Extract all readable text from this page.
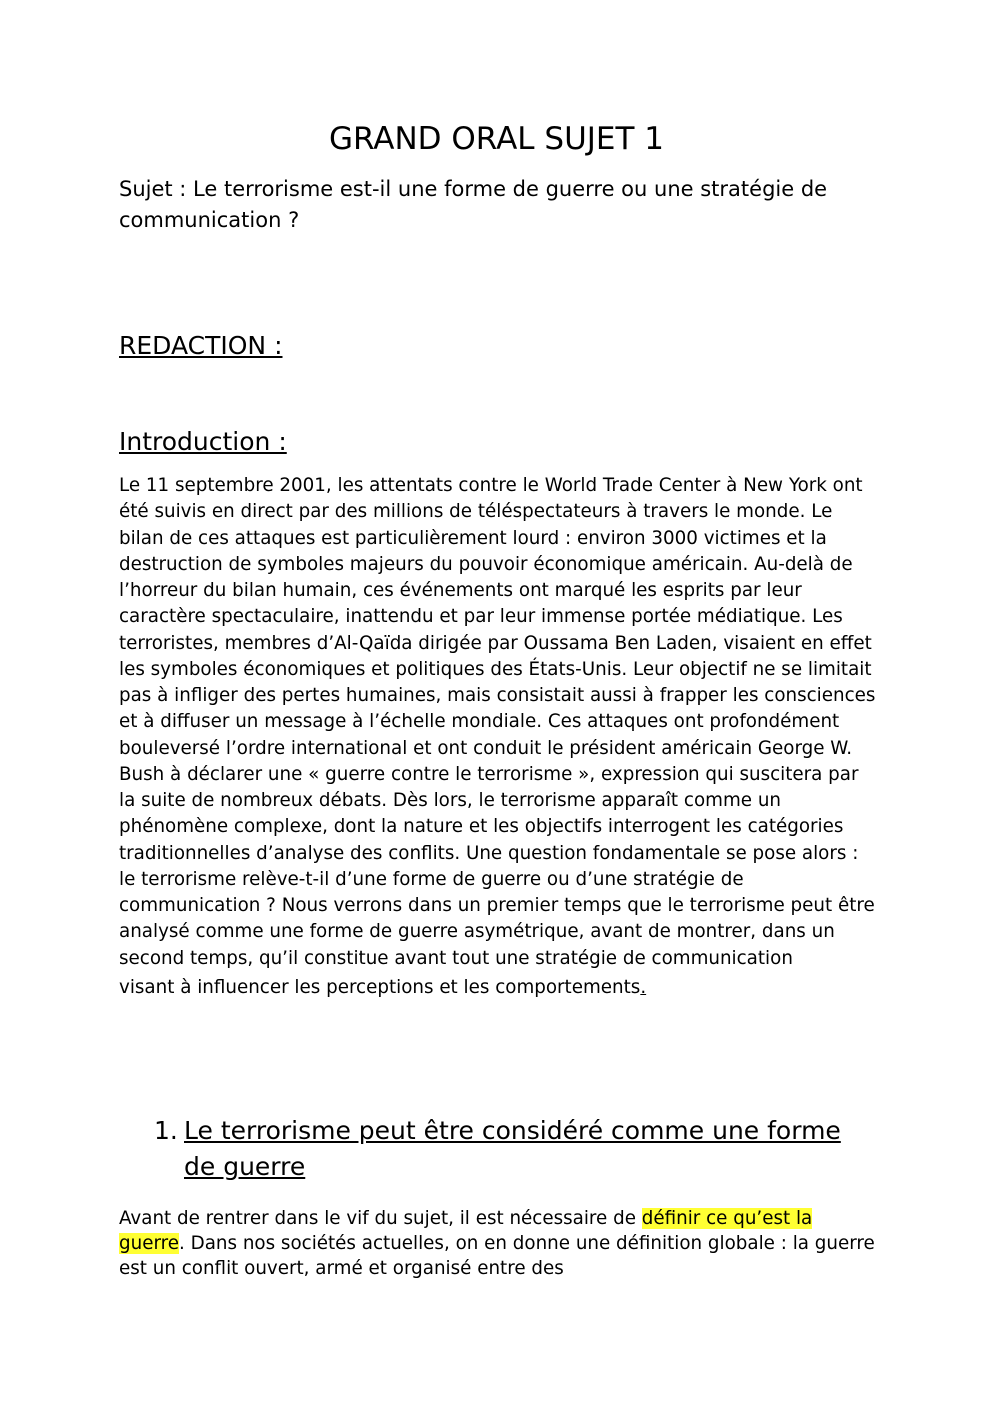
GRAND ORAL SUJET 1
Sujet : Le terrorisme est-il une forme de guerre ou une stratégie de communication ?
REDACTION :
Introduction :
Le 11 septembre 2001, les attentats contre le World Trade Center à New York ont été suivis en direct par des millions de téléspectateurs à travers le monde. Le bilan de ces attaques est particulièrement lourd : environ 3000 victimes et la destruction de symboles majeurs du pouvoir économique américain. Au-delà de l’horreur du bilan humain, ces événements ont marqué les esprits par leur caractère spectaculaire, inattendu et par leur immense portée médiatique. Les terroristes, membres d’Al-Qaïda dirigée par Oussama Ben Laden, visaient en effet les symboles économiques et politiques des États-Unis. Leur objectif ne se limitait pas à infliger des pertes humaines, mais consistait aussi à frapper les consciences et à diffuser un message à l’échelle mondiale. Ces attaques ont profondément bouleversé l’ordre international et ont conduit le président américain George W. Bush à déclarer une « guerre contre le terrorisme », expression qui suscitera par la suite de nombreux débats. Dès lors, le terrorisme apparaît comme un phénomène complexe, dont la nature et les objectifs interrogent les catégories traditionnelles d’analyse des conflits. Une question fondamentale se pose alors : le terrorisme relève-t-il d’une forme de guerre ou d’une stratégie de communication ? Nous verrons dans un premier temps que le terrorisme peut être analysé comme une forme de guerre asymétrique, avant de montrer, dans un second temps, qu’il constitue avant tout une stratégie de communication visant à influencer les perceptions et les comportements.
1. Le terrorisme peut être considéré comme une forme de guerre
Avant de rentrer dans le vif du sujet, il est nécessaire de définir ce qu’est la guerre. Dans nos sociétés actuelles, on en donne une définition globale : la guerre est un conflit ouvert, armé et organisé entre des
